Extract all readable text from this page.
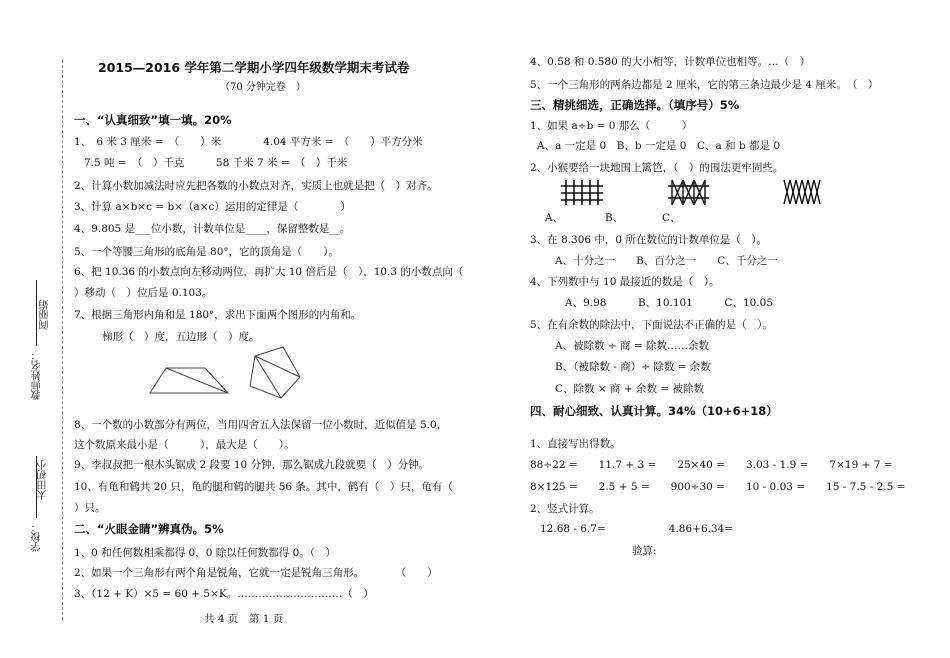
学校：
太田初小
教师姓名：
阎丽娟
2015—2016 学年第二学期小学四年级数学期末考试卷
（70 分钟完卷　）
一、“认真细致”填一填。20%
1、　6 米 3 厘米 =　（　　）米　　　　4.04 平方米 =　（　　）平方分米
7.5 吨 =　（　）千克　　　58 千米 7 米 =　（　）千米
2、计算小数加减法时应先把各数的小数点对齐，实质上也就是把（　）对齐。
3、计算 a×b×c = b×（a×c）运用的定律是（　　　　）
4、9.805 是___位小数，计数单位是____，保留整数是__。
5、一个等腰三角形的底角是 80°，它的顶角是（　　）。
6、把 10.36 的小数点向左移动两位，再扩大 10 倍后是（　），10.3 的小数点向（
）移动（　）位后是 0.103。
7、根据三角形内角和是 180°，求出下面两个图形的内角和。
梯形（　）度，五边形（　）度。
8、一个数的小数部分有两位，当用四舍五入法保留一位小数时，近似值是 5.0，
这个数原来最小是（　　　），最大是（　　）。
9、李叔叔把一根木头锯成 2 段要 10 分钟，那么锯成九段就要（　）分钟。
10、有龟和鹤共 20 只，龟的腿和鹤的腿共 56 条。其中，鹤有（　）只，龟有（
）只。
二、“火眼金睛”辨真伪。5%
1、0 和任何数相乘都得 0，0 除以任何数都得 0。（　）
2、如果一个三角形有两个角是锐角，它就一定是锐角三角形。　　　　（　　）
3、（12 + K）×5 = 60 + 5×K。…………………………（　）
共 4 页　第 1 页
4、0.58 和 0.580 的大小相等，计数单位也相等。…（　）
5、一个三角形的两条边都是 2 厘米，它的第三条边最少是 4 厘米。　（　）
三、精挑细选，正确选择。（填序号）5%
1、如果 a÷b = 0 那么（　　　）
A、a 一定是 0　B、b 一定是 0　C、a 和 b 都是 0
2、小猴要给一块地围上篱笆，（　）的围法更牢固些。
A、	B、	C、
3、在 8.306 中，0 所在数位的计数单位是（　）。
A、十分之一　　B、百分之一　　C、千分之一
4、下列数中与 10 最接近的数是（　）。
A、9.98　　　B、10.101　　　C、10.05
5、在有余数的除法中，下面说法不正确的是（　）。
A、被除数 ÷ 商 = 除数……余数
B、（被除数 - 商）÷ 除数 = 余数
C、除数 × 商 + 余数 = 被除数
四、耐心细致、认真计算。34%（10+6+18）
1、直接写出得数。
88÷22 =　　11.7 + 3 =　　25×40 =　　3.03 - 1.9 =　　7×19 + 7 =
8×125 =　　2.5 + 5 =　　900÷30 =　　10 - 0.03 =　　15 - 7.5 - 2.5 =
2、竖式计算。
12.68 - 6.7=　　　　　　4.86+6.34=
验算:
